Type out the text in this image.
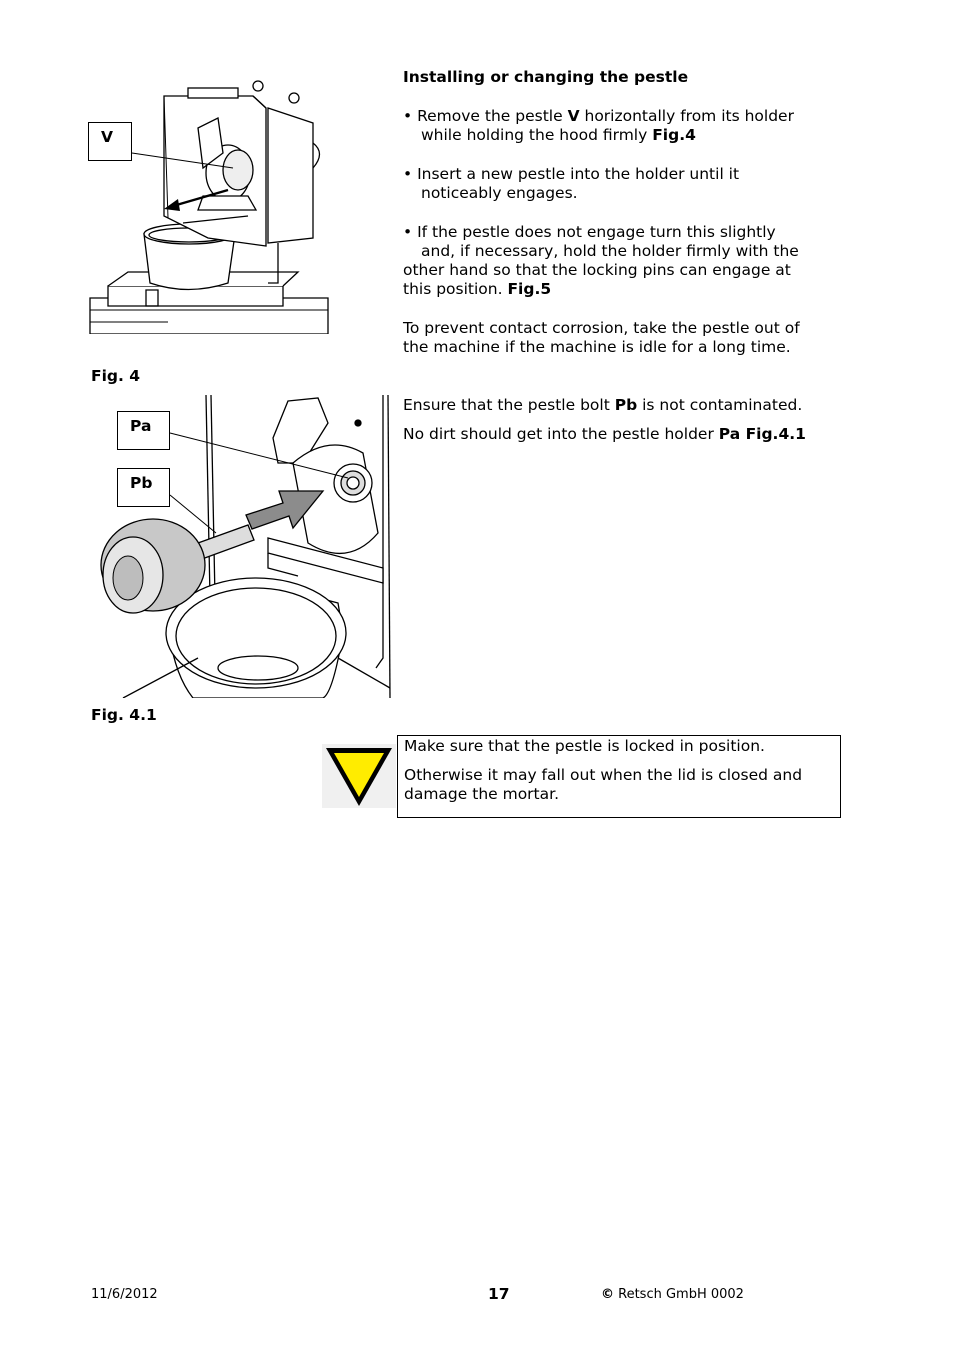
V
Fig. 4
Pa
Pb
Fig. 4.1

Installing or changing the pestle

• Remove the pestle V horizontally from its holder
while holding the hood firmly Fig.4

• Insert a new pestle into the holder until it
noticeably engages.

• If the pestle does not engage turn this slightly
and, if necessary, hold the holder firmly with the
other hand so that the locking pins can engage at
this position. Fig.5

To prevent contact corrosion, take the pestle out of
the machine if the machine is idle for a long time.

Ensure that the pestle bolt Pb is not contaminated.

No dirt should get into the pestle holder Pa Fig.4.1

Make sure that the pestle is locked in position.

Otherwise it may fall out when the lid is closed and damage the mortar.

11/6/2012	17	© Retsch GmbH 0002
